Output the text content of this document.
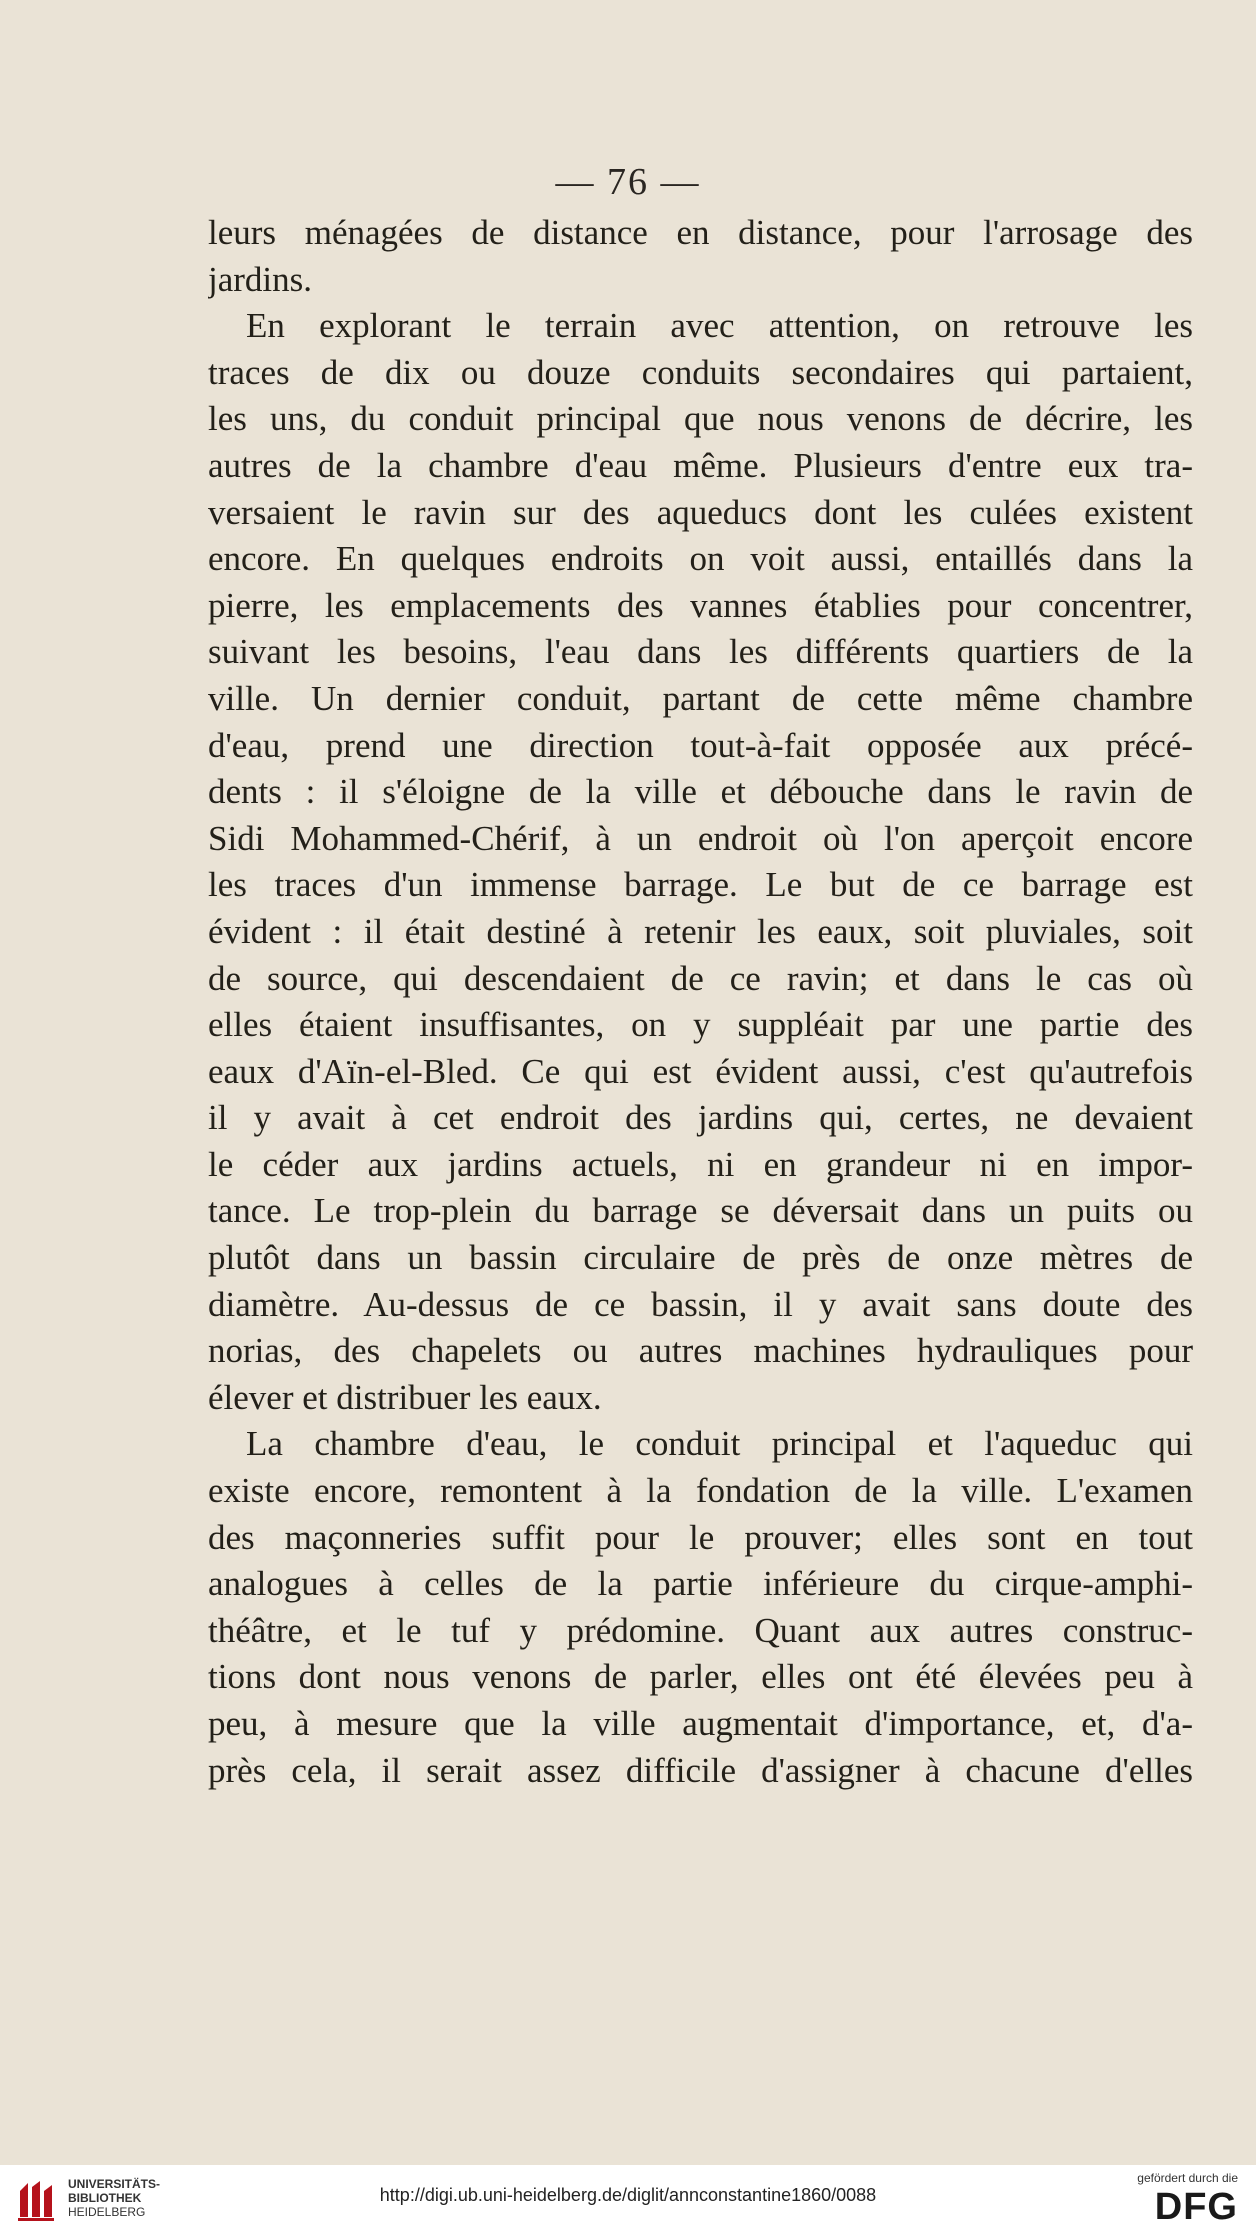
— 76 —
leurs ménagées de distance en distance, pour l'arrosage des
jardins.
En explorant le terrain avec attention, on retrouve les
traces de dix ou douze conduits secondaires qui partaient,
les uns, du conduit principal que nous venons de décrire, les
autres de la chambre d'eau même. Plusieurs d'entre eux tra-
versaient le ravin sur des aqueducs dont les culées existent
encore. En quelques endroits on voit aussi, entaillés dans la
pierre, les emplacements des vannes établies pour concentrer,
suivant les besoins, l'eau dans les différents quartiers de la
ville. Un dernier conduit, partant de cette même chambre
d'eau, prend une direction tout-à-fait opposée aux précé-
dents : il s'éloigne de la ville et débouche dans le ravin de
Sidi Mohammed-Chérif, à un endroit où l'on aperçoit encore
les traces d'un immense barrage. Le but de ce barrage est
évident : il était destiné à retenir les eaux, soit pluviales, soit
de source, qui descendaient de ce ravin; et dans le cas où
elles étaient insuffisantes, on y suppléait par une partie des
eaux d'Aïn-el-Bled. Ce qui est évident aussi, c'est qu'autrefois
il y avait à cet endroit des jardins qui, certes, ne devaient
le céder aux jardins actuels, ni en grandeur ni en impor-
tance. Le trop-plein du barrage se déversait dans un puits ou
plutôt dans un bassin circulaire de près de onze mètres de
diamètre. Au-dessus de ce bassin, il y avait sans doute des
norias, des chapelets ou autres machines hydrauliques pour
élever et distribuer les eaux.
La chambre d'eau, le conduit principal et l'aqueduc qui
existe encore, remontent à la fondation de la ville. L'examen
des maçonneries suffit pour le prouver; elles sont en tout
analogues à celles de la partie inférieure du cirque-amphi-
théâtre, et le tuf y prédomine. Quant aux autres construc-
tions dont nous venons de parler, elles ont été élevées peu à
peu, à mesure que la ville augmentait d'importance, et, d'a-
près cela, il serait assez difficile d'assigner à chacune d'elles
UNIVERSITÄTS-
BIBLIOTHEK
HEIDELBERG
http://digi.ub.uni-heidelberg.de/diglit/annconstantine1860/0088
gefördert durch die
DFG
